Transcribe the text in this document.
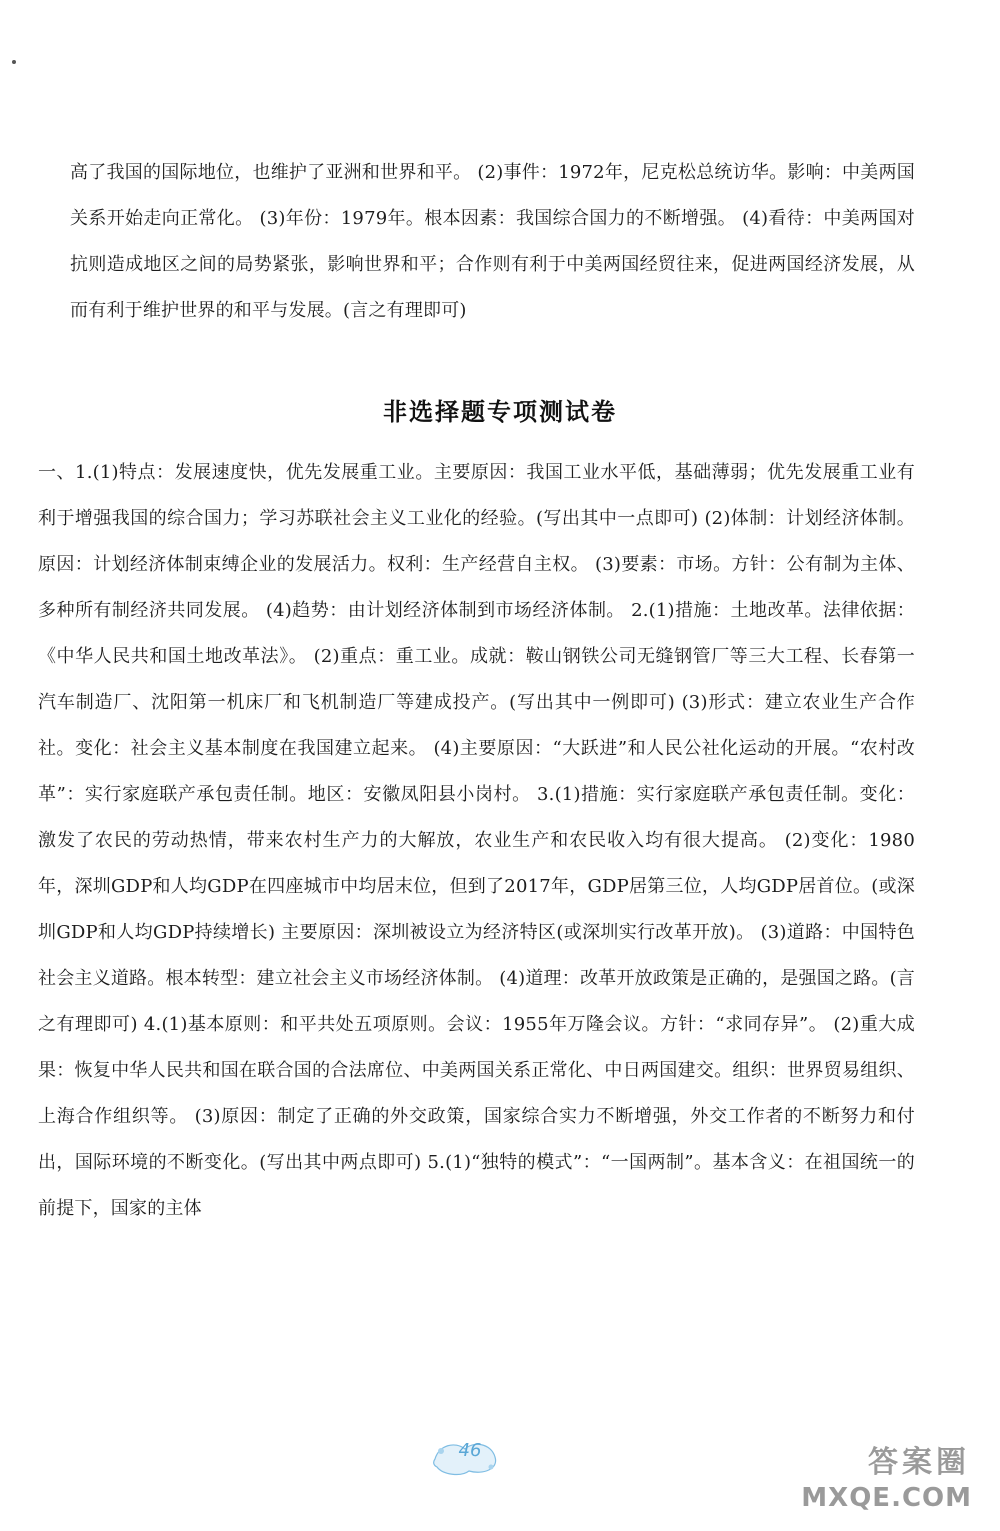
高了我国的国际地位，也维护了亚洲和世界和平。 (2)事件：1972年，尼克松总统访华。影响：中美两国关系开始走向正常化。 (3)年份：1979年。根本因素：我国综合国力的不断增强。 (4)看待：中美两国对抗则造成地区之间的局势紧张，影响世界和平；合作则有利于中美两国经贸往来，促进两国经济发展，从而有利于维护世界的和平与发展。(言之有理即可)
非选择题专项测试卷
一、1.(1)特点：发展速度快，优先发展重工业。主要原因：我国工业水平低，基础薄弱；优先发展重工业有利于增强我国的综合国力；学习苏联社会主义工业化的经验。(写出其中一点即可) (2)体制：计划经济体制。原因：计划经济体制束缚企业的发展活力。权利：生产经营自主权。 (3)要素：市场。方针：公有制为主体、多种所有制经济共同发展。 (4)趋势：由计划经济体制到市场经济体制。 2.(1)措施：土地改革。法律依据：《中华人民共和国土地改革法》。 (2)重点：重工业。成就：鞍山钢铁公司无缝钢管厂等三大工程、长春第一汽车制造厂、沈阳第一机床厂和飞机制造厂等建成投产。(写出其中一例即可) (3)形式：建立农业生产合作社。变化：社会主义基本制度在我国建立起来。 (4)主要原因：“大跃进”和人民公社化运动的开展。“农村改革”：实行家庭联产承包责任制。地区：安徽凤阳县小岗村。 3.(1)措施：实行家庭联产承包责任制。变化：激发了农民的劳动热情，带来农村生产力的大解放，农业生产和农民收入均有很大提高。 (2)变化：1980年，深圳GDP和人均GDP在四座城市中均居末位，但到了2017年，GDP居第三位，人均GDP居首位。(或深圳GDP和人均GDP持续增长) 主要原因：深圳被设立为经济特区(或深圳实行改革开放)。 (3)道路：中国特色社会主义道路。根本转型：建立社会主义市场经济体制。 (4)道理：改革开放政策是正确的，是强国之路。(言之有理即可) 4.(1)基本原则：和平共处五项原则。会议：1955年万隆会议。方针：“求同存异”。 (2)重大成果：恢复中华人民共和国在联合国的合法席位、中美两国关系正常化、中日两国建交。组织：世界贸易组织、上海合作组织等。 (3)原因：制定了正确的外交政策，国家综合实力不断增强，外交工作者的不断努力和付出，国际环境的不断变化。(写出其中两点即可) 5.(1)“独特的模式”：“一国两制”。基本含义：在祖国统一的前提下，国家的主体
46	答案圈
MXQE.COM
